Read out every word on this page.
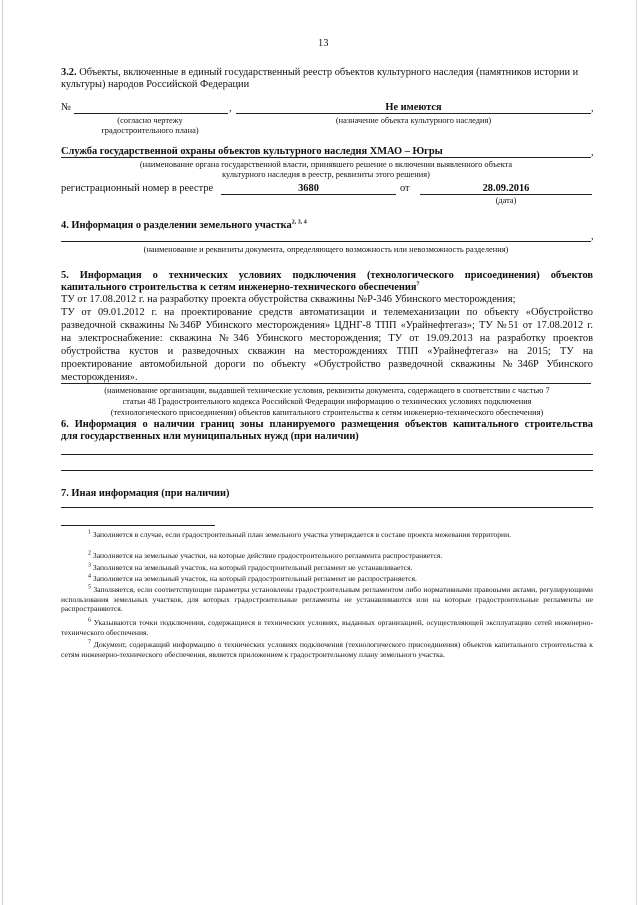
13
3.2. Объекты, включенные в единый государственный реестр объектов культурного наследия (памятников истории и культуры) народов Российской Федерации
№	,	Не имеются	,
(согласно чертежу градостроительного плана)
(назначение объекта культурного наследия)
Служба государственной охраны объектов культурного наследия ХМАО – Югры	,
(наименование органа государственной власти, принявшего решение о включении выявленного объекта культурного наследия в реестр, реквизиты этого решения)
регистрационный номер в реестре	3680	от	28.09.2016
(дата)
4. Информация о разделении земельного участка$^{2, 3, 4}$
,
(наименование и реквизиты документа, определяющего возможность или невозможность разделения)
5. Информация о технических условиях подключения (технологического присоединения) объектов
капитального строительства к сетям инженерно-технического обеспечения$^7$
ТУ от 17.08.2012 г. на разработку проекта обустройства скважины №Р-346 Убинского месторождения;
ТУ от 09.01.2012 г. на проектирование средств автоматизации и телемеханизации по объекту «Обустройство
разведочной скважины №346Р Убинского месторождения» ЦДНГ-8 ТПП «Урайнефтегаз»; ТУ №51 от 17.08.2012 г.
на электроснабжение: скважина №346 Убинского месторождения; ТУ от 19.09.2013 на разработку проектов
обустройства кустов и разведочных скважин на месторождениях ТПП «Урайнефтегаз» на 2015; ТУ на
проектирование автомобильной дороги по объекту «Обустройство разведочной скважины №346Р Убинского
месторождения».
(наименование организации, выдавшей технические условия, реквизиты документа, содержащего в соответствии с частью 7
статьи 48 Градостроительного кодекса Российской Федерации информацию о технических условиях подключения
(технологического присоединения) объектов капитального строительства к сетям инженерно-технического обеспечения)
6. Информация о наличии границ зоны планируемого размещения объектов капитального строительства
для государственных или муниципальных нужд (при наличии)
7. Иная информация (при наличии)
$^1$ Заполняется в случае, если градостроительный план земельного участка утверждается в составе проекта межевания территории.
$^2$ Заполняется на земельные участки, на которые действие градостроительного регламента распространяется.
$^3$ Заполняется на земельный участок, на который градостроительный регламент не устанавливается.
$^4$ Заполняется на земельный участок, на который градостроительный регламент не распространяется.
$^5$ Заполняется, если соответствующие параметры установлены градостроительным регламентом либо нормативными правовыми актами, регулирующими использования земельных участков, для которых градостроительные регламенты не устанавливаются или на которые градостроительные регламенты не распространяются.
$^6$ Указываются точки подключения, содержащиеся в технических условиях, выданных организацией, осуществляющей эксплуатацию сетей инженерно-технического обеспечения.
$^7$ Документ, содержащий информацию о технических условиях подключения (технологического присоединения) объектов капитального строительства к сетям инженерно-технического обеспечения, является приложением к градостроительному плану земельного участка.
